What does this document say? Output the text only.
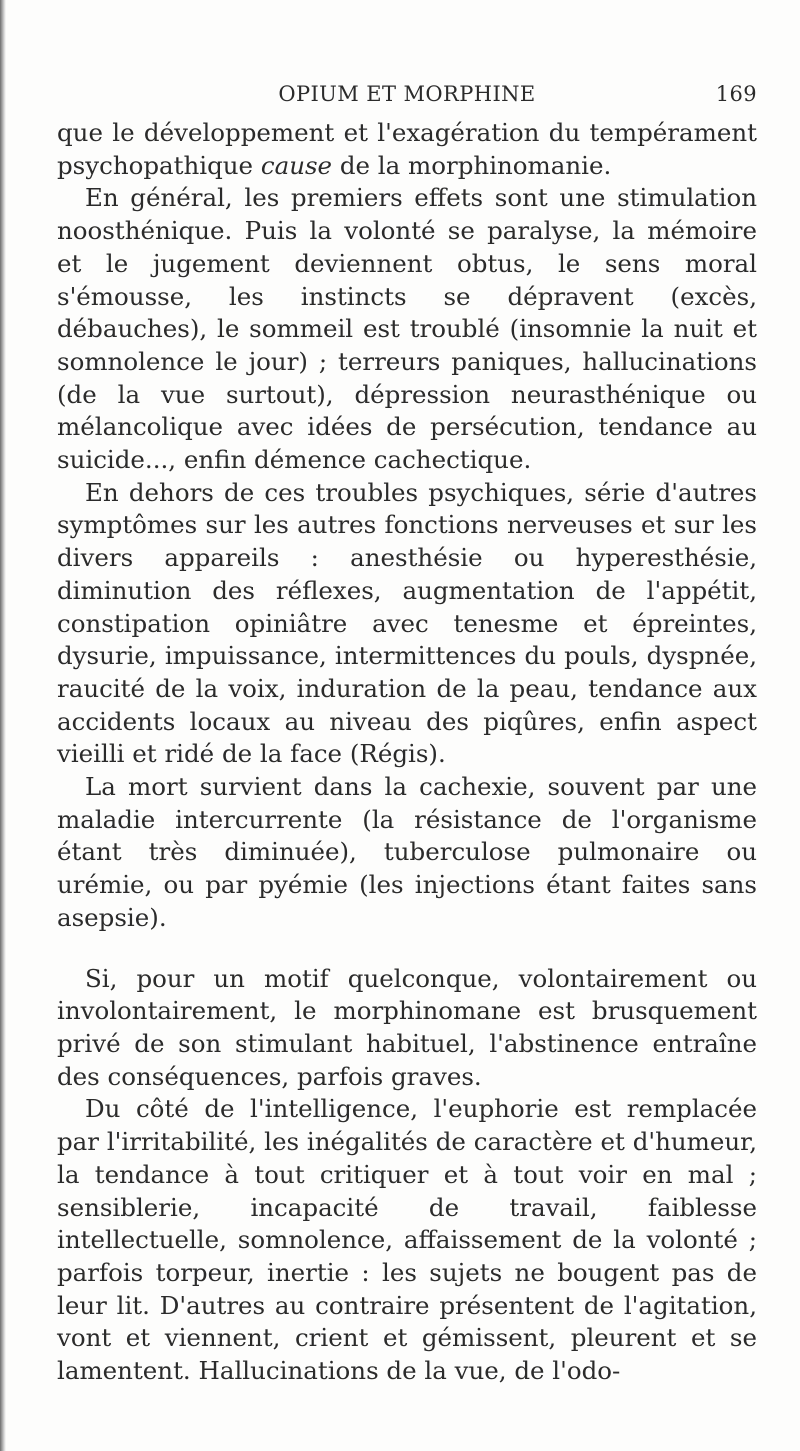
OPIUM ET MORPHINE	169

que le développement et l'exagération du tempérament psychopathique cause de la morphinomanie.

En général, les premiers effets sont une stimulation noosthénique. Puis la volonté se paralyse, la mémoire et le jugement deviennent obtus, le sens moral s'émousse, les instincts se dépravent (excès, débauches), le sommeil est troublé (insomnie la nuit et somnolence le jour) ; terreurs paniques, hallucinations (de la vue surtout), dépression neurasthénique ou mélancolique avec idées de persécution, tendance au suicide..., enfin démence cachectique.

En dehors de ces troubles psychiques, série d'autres symptômes sur les autres fonctions nerveuses et sur les divers appareils : anesthésie ou hyperesthésie, diminution des réflexes, augmentation de l'appétit, constipation opiniâtre avec tenesme et épreintes, dysurie, impuissance, intermittences du pouls, dyspnée, raucité de la voix, induration de la peau, tendance aux accidents locaux au niveau des piqûres, enfin aspect vieilli et ridé de la face (Régis).

La mort survient dans la cachexie, souvent par une maladie intercurrente (la résistance de l'organisme étant très diminuée), tuberculose pulmonaire ou urémie, ou par pyémie (les injections étant faites sans asepsie).

Si, pour un motif quelconque, volontairement ou involontairement, le morphinomane est brusquement privé de son stimulant habituel, l'abstinence entraîne des conséquences, parfois graves.

Du côté de l'intelligence, l'euphorie est remplacée par l'irritabilité, les inégalités de caractère et d'humeur, la tendance à tout critiquer et à tout voir en mal ; sensiblerie, incapacité de travail, faiblesse intellectuelle, somnolence, affaissement de la volonté ; parfois torpeur, inertie : les sujets ne bougent pas de leur lit. D'autres au contraire présentent de l'agitation, vont et viennent, crient et gémissent, pleurent et se lamentent. Hallucinations de la vue, de l'odo-
